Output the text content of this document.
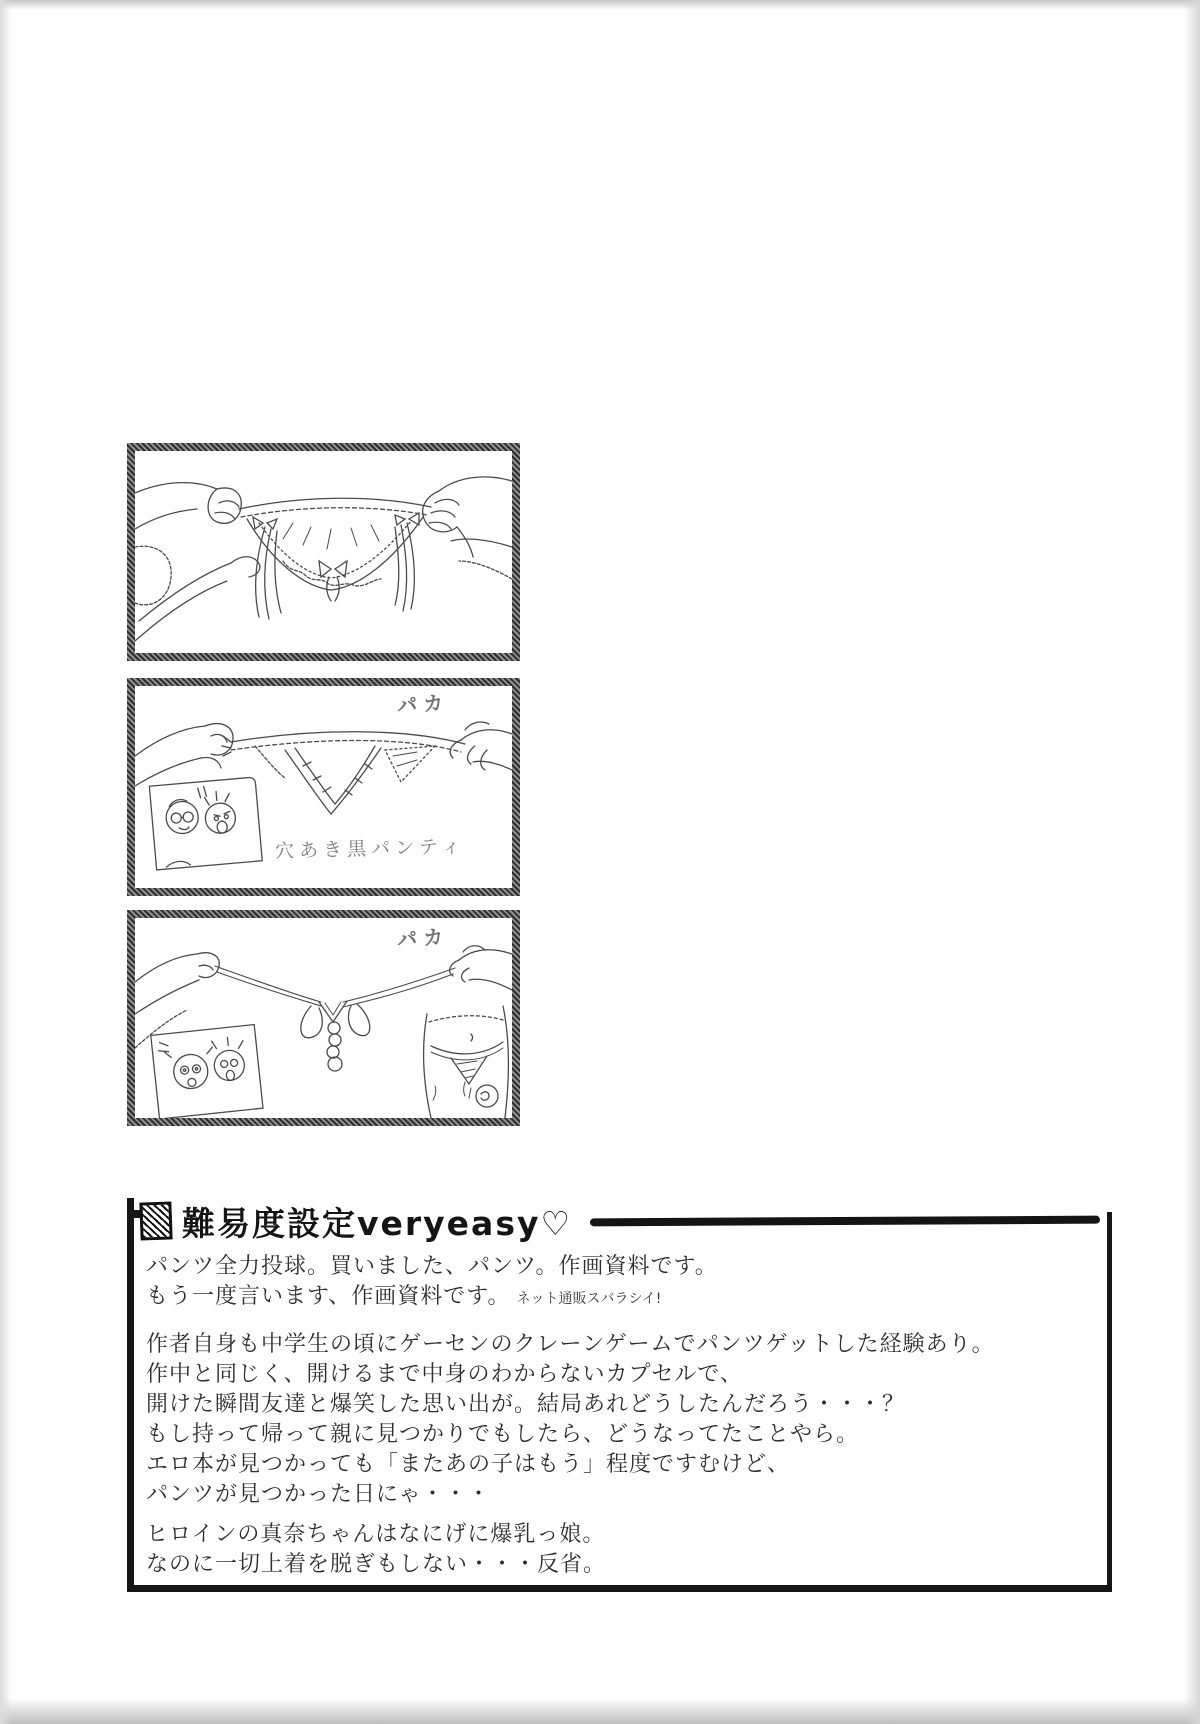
パカ
穴あき黒パンティ
パカ
難易度設定veryeasy♡
パンツ全力投球。買いました、パンツ。作画資料です。
もう一度言います、作画資料です。 ネット通販スバラシイ!
作者自身も中学生の頃にゲーセンのクレーンゲームでパンツゲットした経験あり。
作中と同じく、開けるまで中身のわからないカプセルで、
開けた瞬間友達と爆笑した思い出が。結局あれどうしたんだろう・・・？
もし持って帰って親に見つかりでもしたら、どうなってたことやら。
エロ本が見つかっても「またあの子はもう」程度ですむけど、
パンツが見つかった日にゃ・・・
ヒロインの真奈ちゃんはなにげに爆乳っ娘。
なのに一切上着を脱ぎもしない・・・反省。
